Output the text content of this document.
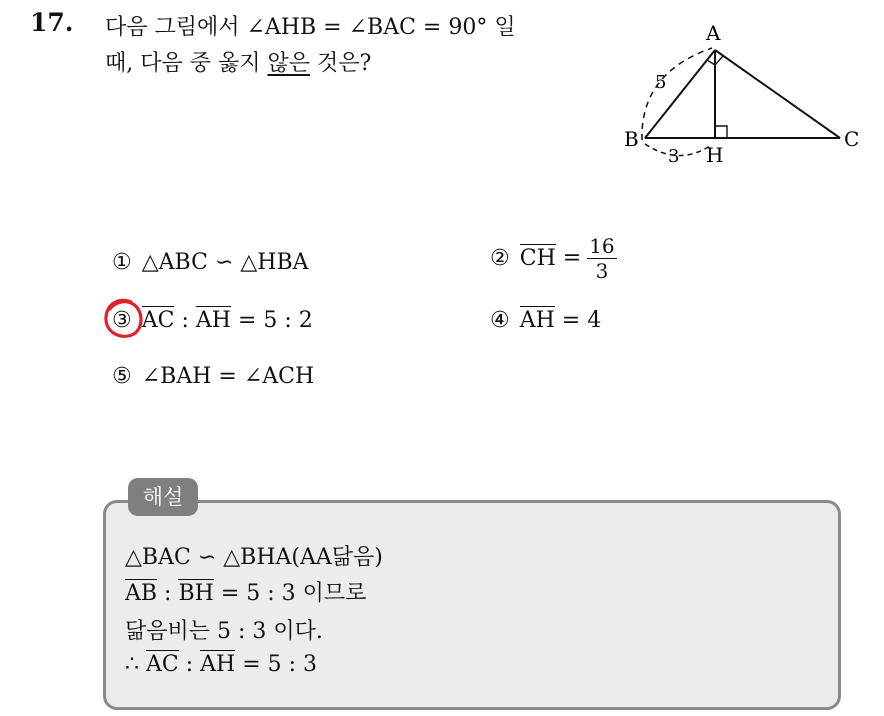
17. 다음 그림에서 ∠AHB = ∠BAC = 90° 일
때, 다음 중 옳지 않은 것은?
A
B	C
H
5
3
① △ABC ∽ △HBA	② CH = $\frac{16}{3}$
③ AC : AH = 5 : 2	④ AH = 4
⑤ ∠BAH = ∠ACH
해설
△BAC ∽ △BHA(AA닮음)
AB : BH = 5 : 3 이므로
닮음비는 5 : 3 이다.
∴ AC : AH = 5 : 3
